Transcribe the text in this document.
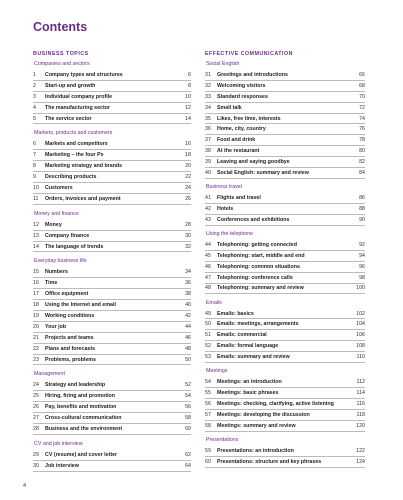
Contents
BUSINESS TOPICS
Companies and sectors
1	Company types and structures	6
2	Start-up and growth	8
3	Individual company profile	10
4	The manufacturing sector	12
5	The service sector	14
Markets, products and customers
6	Markets and competitors	16
7	Marketing – the four Ps	18
8	Marketing strategy and brands	20
9	Describing products	22
10	Customers	24
11	Orders, invoices and payment	26
Money and finance
12	Money	28
13	Company finance	30
14	The language of trends	32
Everyday business life
15	Numbers	34
16	Time	36
17	Office equipment	38
18	Using the Internet and email	40
19	Working conditions	42
20	Your job	44
21	Projects and teams	46
22	Plans and forecasts	48
23	Problems, problems	50
Management
24	Strategy and leadership	52
25	Hiring, firing and promotion	54
26	Pay, benefits and motivation	56
27	Cross-cultural communication	58
28	Business and the environment	60
CV and job interview
29	CV (resume) and cover letter	62
30	Job interview	64
EFFECTIVE COMMUNICATION
Social English
31	Greetings and introductions	66
32	Welcoming visitors	68
33	Standard responses	70
34	Small talk	72
35	Likes, free time, interests	74
36	Home, city, country	76
37	Food and drink	78
38	At the restaurant	80
39	Leaving and saying goodbye	82
40	Social English: summary and review	84
Business travel
41	Flights and travel	86
42	Hotels	88
43	Conferences and exhibitions	90
Using the telephone
44	Telephoning: getting connected	92
45	Telephoning: start, middle and end	94
46	Telephoning: common situations	96
47	Telephoning: conference calls	98
48	Telephoning: summary and review	100
Emails
49	Emails: basics	102
50	Emails: meetings, arrangements	104
51	Emails: commercial	106
52	Emails: formal language	108
53	Emails: summary and review	110
Meetings
54	Meetings: an introduction	112
55	Meetings: basic phrases	114
56	Meetings: checking, clarifying, active listening	116
57	Meetings: developing the discussion	118
58	Meetings: summary and review	120
Presentations
59	Presentations: an introduction	122
60	Presentations: structure and key phrases	124
4
